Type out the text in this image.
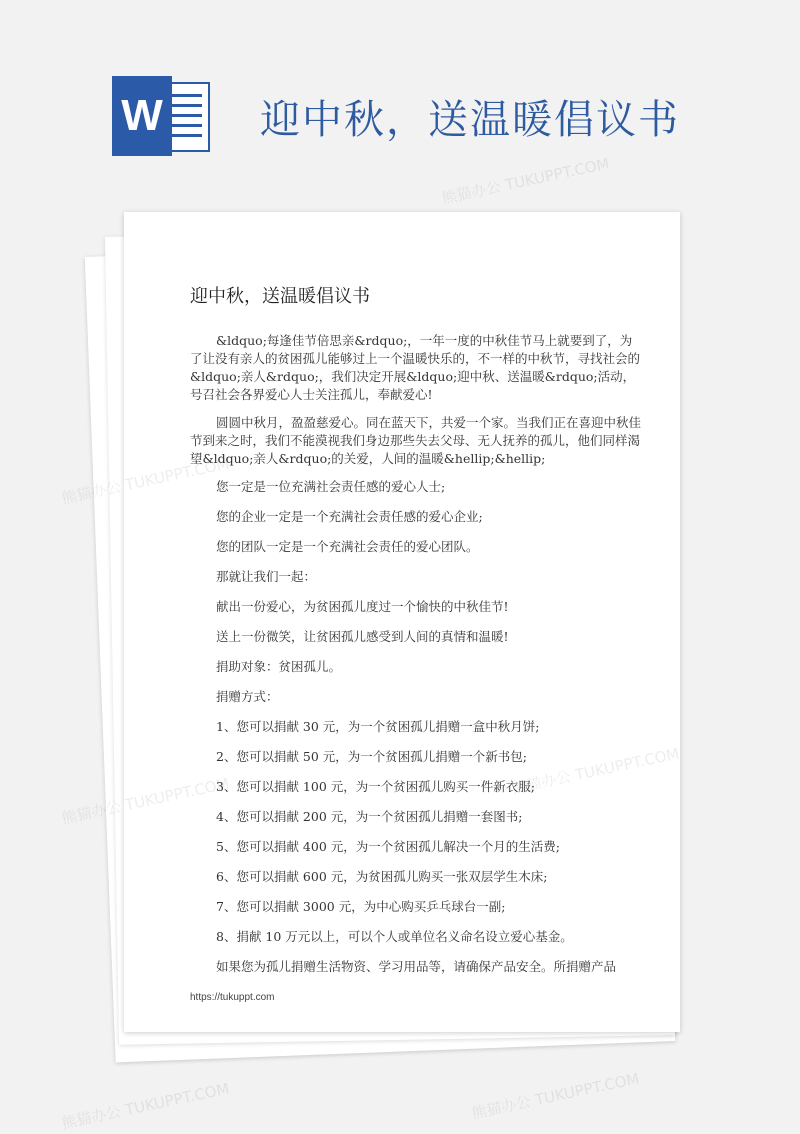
W 迎中秋，送温暖倡议书
迎中秋，送温暖倡议书

&ldquo;每逢佳节倍思亲&rdquo;，一年一度的中秋佳节马上就要到了，为了让没有亲人的贫困孤儿能够过上一个温暖快乐的，不一样的中秋节，寻找社会的&ldquo;亲人&rdquo;，我们决定开展&ldquo;迎中秋、送温暖&rdquo;活动，号召社会各界爱心人士关注孤儿，奉献爱心!

圆圆中秋月，盈盈慈爱心。同在蓝天下，共爱一个家。当我们正在喜迎中秋佳节到来之时，我们不能漠视我们身边那些失去父母、无人抚养的孤儿，他们同样渴望&ldquo;亲人&rdquo;的关爱，人间的温暖&hellip;&hellip;

您一定是一位充满社会责任感的爱心人士;

您的企业一定是一个充满社会责任感的爱心企业;

您的团队一定是一个充满社会责任的爱心团队。

那就让我们一起：

献出一份爱心，为贫困孤儿度过一个愉快的中秋佳节!

送上一份微笑，让贫困孤儿感受到人间的真情和温暖!

捐助对象：贫困孤儿。

捐赠方式：

1、您可以捐献 30 元，为一个贫困孤儿捐赠一盒中秋月饼;

2、您可以捐献 50 元，为一个贫困孤儿捐赠一个新书包;

3、您可以捐献 100 元，为一个贫困孤儿购买一件新衣服;

4、您可以捐献 200 元，为一个贫困孤儿捐赠一套图书;

5、您可以捐献 400 元，为一个贫困孤儿解决一个月的生活费;

6、您可以捐献 600 元，为贫困孤儿购买一张双层学生木床;

7、您可以捐献 3000 元，为中心购买乒乓球台一副;

8、捐献 10 万元以上，可以个人或单位名义命名设立爱心基金。

如果您为孤儿捐赠生活物资、学习用品等，请确保产品安全。所捐赠产品

https://tukuppt.com
熊猫办公 TUKUPPT.COM
熊猫办公 TUKUPPT.COM
熊猫办公 TUKUPPT.COM
熊猫办公 TUKUPPT.COM
熊猫办公 TUKUPPT.COM
熊猫办公 TUKUPPT.COM
